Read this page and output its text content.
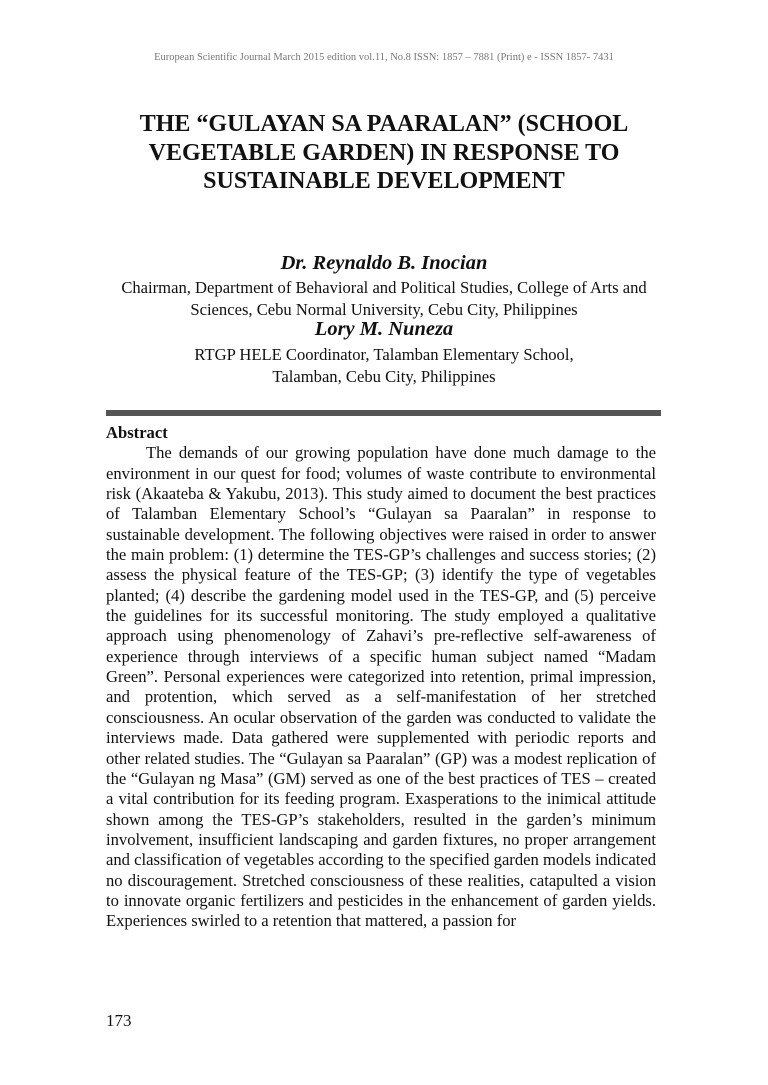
European Scientific Journal March 2015 edition vol.11, No.8 ISSN: 1857 – 7881 (Print) e - ISSN 1857- 7431
THE “GULAYAN SA PAARALAN” (SCHOOL VEGETABLE GARDEN) IN RESPONSE TO SUSTAINABLE DEVELOPMENT
Dr. Reynaldo B. Inocian
Chairman, Department of Behavioral and Political Studies, College of Arts and Sciences, Cebu Normal University, Cebu City, Philippines
Lory M. Nuneza
RTGP HELE Coordinator, Talamban Elementary School, Talamban, Cebu City, Philippines
Abstract

The demands of our growing population have done much damage to the environment in our quest for food; volumes of waste contribute to environmental risk (Akaateba & Yakubu, 2013). This study aimed to document the best practices of Talamban Elementary School’s “Gulayan sa Paaralan” in response to sustainable development. The following objectives were raised in order to answer the main problem: (1) determine the TES-GP’s challenges and success stories; (2) assess the physical feature of the TES-GP; (3) identify the type of vegetables planted; (4) describe the gardening model used in the TES-GP, and (5) perceive the guidelines for its successful monitoring. The study employed a qualitative approach using phenomenology of Zahavi’s pre-reflective self-awareness of experience through interviews of a specific human subject named “Madam Green”. Personal experiences were categorized into retention, primal impression, and protention, which served as a self-manifestation of her stretched consciousness. An ocular observation of the garden was conducted to validate the interviews made. Data gathered were supplemented with periodic reports and other related studies. The “Gulayan sa Paaralan” (GP) was a modest replication of the “Gulayan ng Masa” (GM) served as one of the best practices of TES – created a vital contribution for its feeding program. Exasperations to the inimical attitude shown among the TES-GP’s stakeholders, resulted in the garden’s minimum involvement, insufficient landscaping and garden fixtures, no proper arrangement and classification of vegetables according to the specified garden models indicated no discouragement. Stretched consciousness of these realities, catapulted a vision to innovate organic fertilizers and pesticides in the enhancement of garden yields. Experiences swirled to a retention that mattered, a passion for

173
